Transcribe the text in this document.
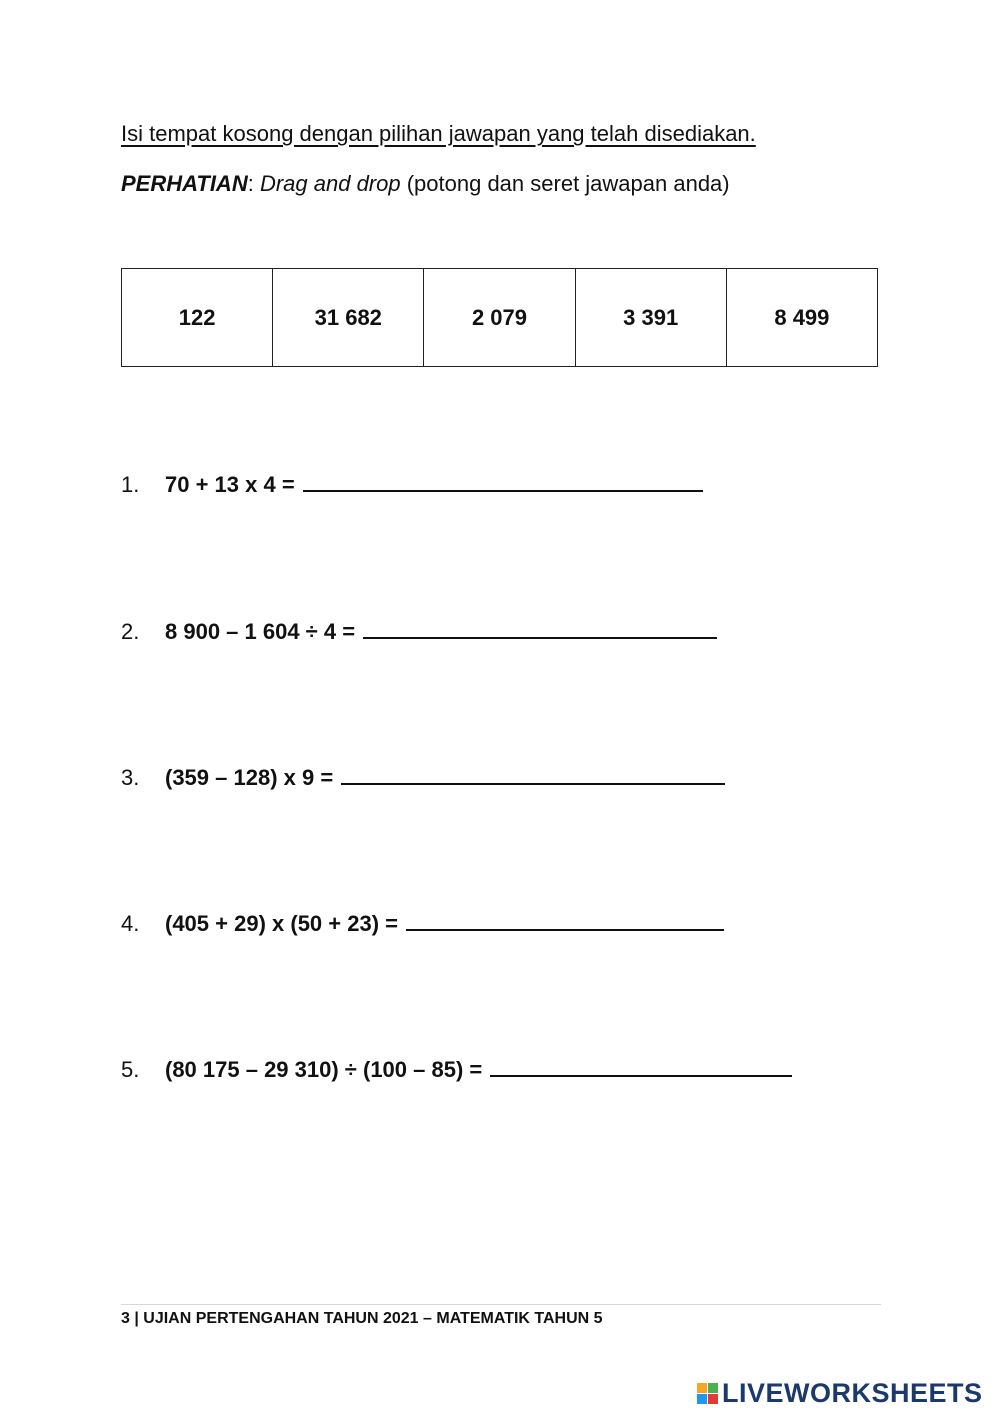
Isi tempat kosong dengan pilihan jawapan yang telah disediakan.
PERHATIAN: Drag and drop (potong dan seret jawapan anda)
122	31 682	2 079	3 391	8 499
1.	70 + 13 x 4 =
2.	8 900 – 1 604 ÷ 4 =
3.	(359 – 128) x 9 =
4.	(405 + 29) x (50 + 23) =
5.	(80 175 – 29 310) ÷ (100 – 85) =
3 | UJIAN PERTENGAHAN TAHUN 2021 – MATEMATIK TAHUN 5
LIVEWORKSHEETS
